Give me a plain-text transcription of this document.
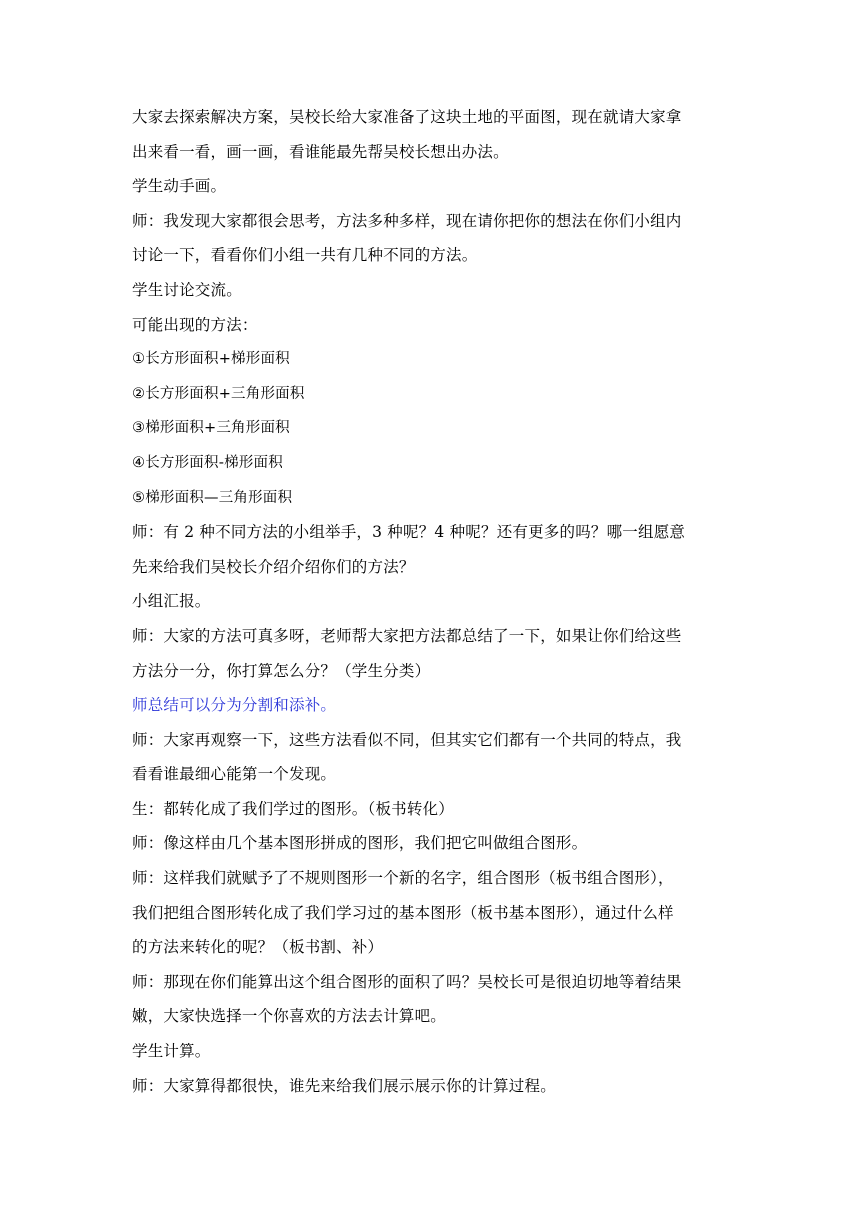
大家去探索解决方案，吴校长给大家准备了这块土地的平面图，现在就请大家拿
出来看一看，画一画，看谁能最先帮吴校长想出办法。
学生动手画。
师：我发现大家都很会思考，方法多种多样，现在请你把你的想法在你们小组内
讨论一下，看看你们小组一共有几种不同的方法。
学生讨论交流。
可能出现的方法：
①长方形面积+梯形面积
②长方形面积+三角形面积
③梯形面积+三角形面积
④长方形面积-梯形面积
⑤梯形面积—三角形面积
师：有 2 种不同方法的小组举手，3 种呢？4 种呢？还有更多的吗？哪一组愿意
先来给我们吴校长介绍介绍你们的方法？
小组汇报。
师：大家的方法可真多呀，老师帮大家把方法都总结了一下，如果让你们给这些
方法分一分，你打算怎么分？（学生分类）
师总结可以分为分割和添补。
师：大家再观察一下，这些方法看似不同，但其实它们都有一个共同的特点，我
看看谁最细心能第一个发现。
生：都转化成了我们学过的图形。（板书转化）
师：像这样由几个基本图形拼成的图形，我们把它叫做组合图形。
师：这样我们就赋予了不规则图形一个新的名字，组合图形（板书组合图形），
我们把组合图形转化成了我们学习过的基本图形（板书基本图形），通过什么样
的方法来转化的呢？（板书割、补）
师：那现在你们能算出这个组合图形的面积了吗？吴校长可是很迫切地等着结果
嫩，大家快选择一个你喜欢的方法去计算吧。
学生计算。
师：大家算得都很快，谁先来给我们展示展示你的计算过程。
